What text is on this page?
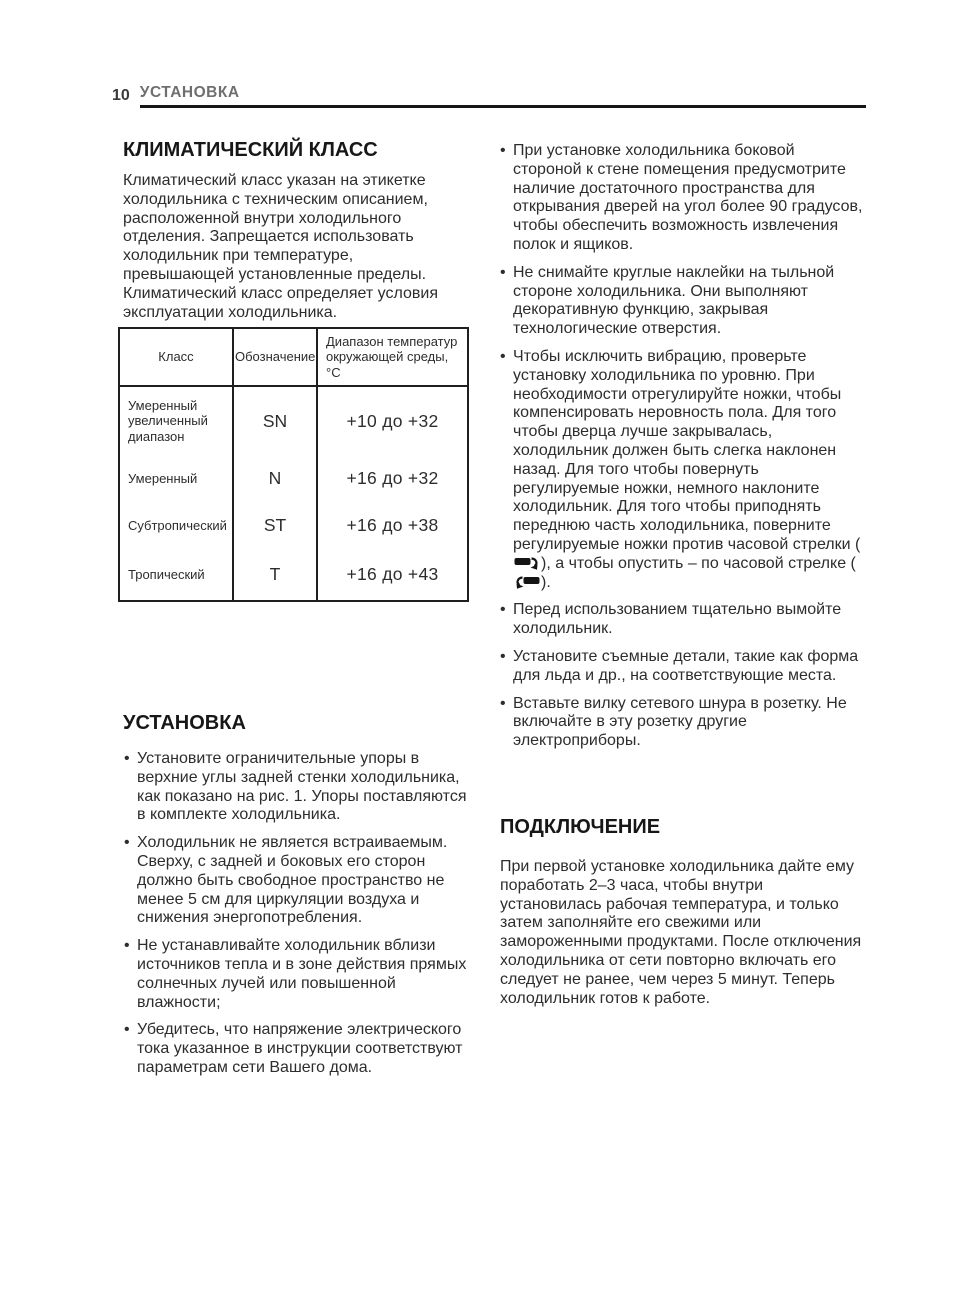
10 УСТАНОВКА
КЛИМАТИЧЕСКИЙ КЛАСС

Климатический класс указан на этикетке холодильника с техническим описанием, расположенной внутри холодильного отделения. Запрещается использовать холодильник при температуре, превышающей установленные пределы. Климатический класс определяет условия эксплуатации холодильника.

Класс	Обозначение	Диапазон температур окружающей среды, °С
Умеренный увеличенный диапазон	SN	+10 до +32
Умеренный	N	+16 до +32
Субтропический	ST	+16 до +38
Тропический	T	+16 до +43
УСТАНОВКА
• Установите ограничительные упоры в верхние углы задней стенки холодильника, как показано на рис. 1. Упоры поставляются в комплекте холодильника.
• Холодильник не является встраиваемым. Сверху, с задней и боковых его сторон должно быть свободное пространство не менее 5 см для циркуляции воздуха и снижения энергопотребления.
• Не устанавливайте холодильник вблизи источников тепла и в зоне действия прямых солнечных лучей или повышенной влажности;
• Убедитесь, что напряжение электрического тока указанное в инструкции соответствуют параметрам сети Вашего дома.
• При установке холодильника боковой стороной к стене помещения предусмотрите наличие достаточного пространства для открывания дверей на угол более 90 градусов, чтобы обеспечить возможность извлечения полок и ящиков.
• Не снимайте круглые наклейки на тыльной стороне холодильника. Они выполняют декоративную функцию, закрывая технологические отверстия.
• Чтобы исключить вибрацию, проверьте установку холодильника по уровню. При необходимости отрегулируйте ножки, чтобы компенсировать неровность пола. Для того чтобы дверца лучше закрывалась, холодильник должен быть слегка наклонен назад. Для того чтобы повернуть регулируемые ножки, немного наклоните холодильник. Для того чтобы приподнять переднюю часть холодильника, поверните регулируемые ножки против часовой стрелки (), а чтобы опустить – по часовой стрелке ().
• Перед использованием тщательно вымойте холодильник.
• Установите съемные детали, такие как форма для льда и др., на соответствующие места.
• Вставьте вилку сетевого шнура в розетку. Не включайте в эту розетку другие электроприборы.
ПОДКЛЮЧЕНИЕ

При первой установке холодильника дайте ему поработать 2–3 часа, чтобы внутри установилась рабочая температура, и только затем заполняйте его свежими или замороженными продуктами. После отключения холодильника от сети повторно включать его следует не ранее, чем через 5 минут. Теперь холодильник готов к работе.
